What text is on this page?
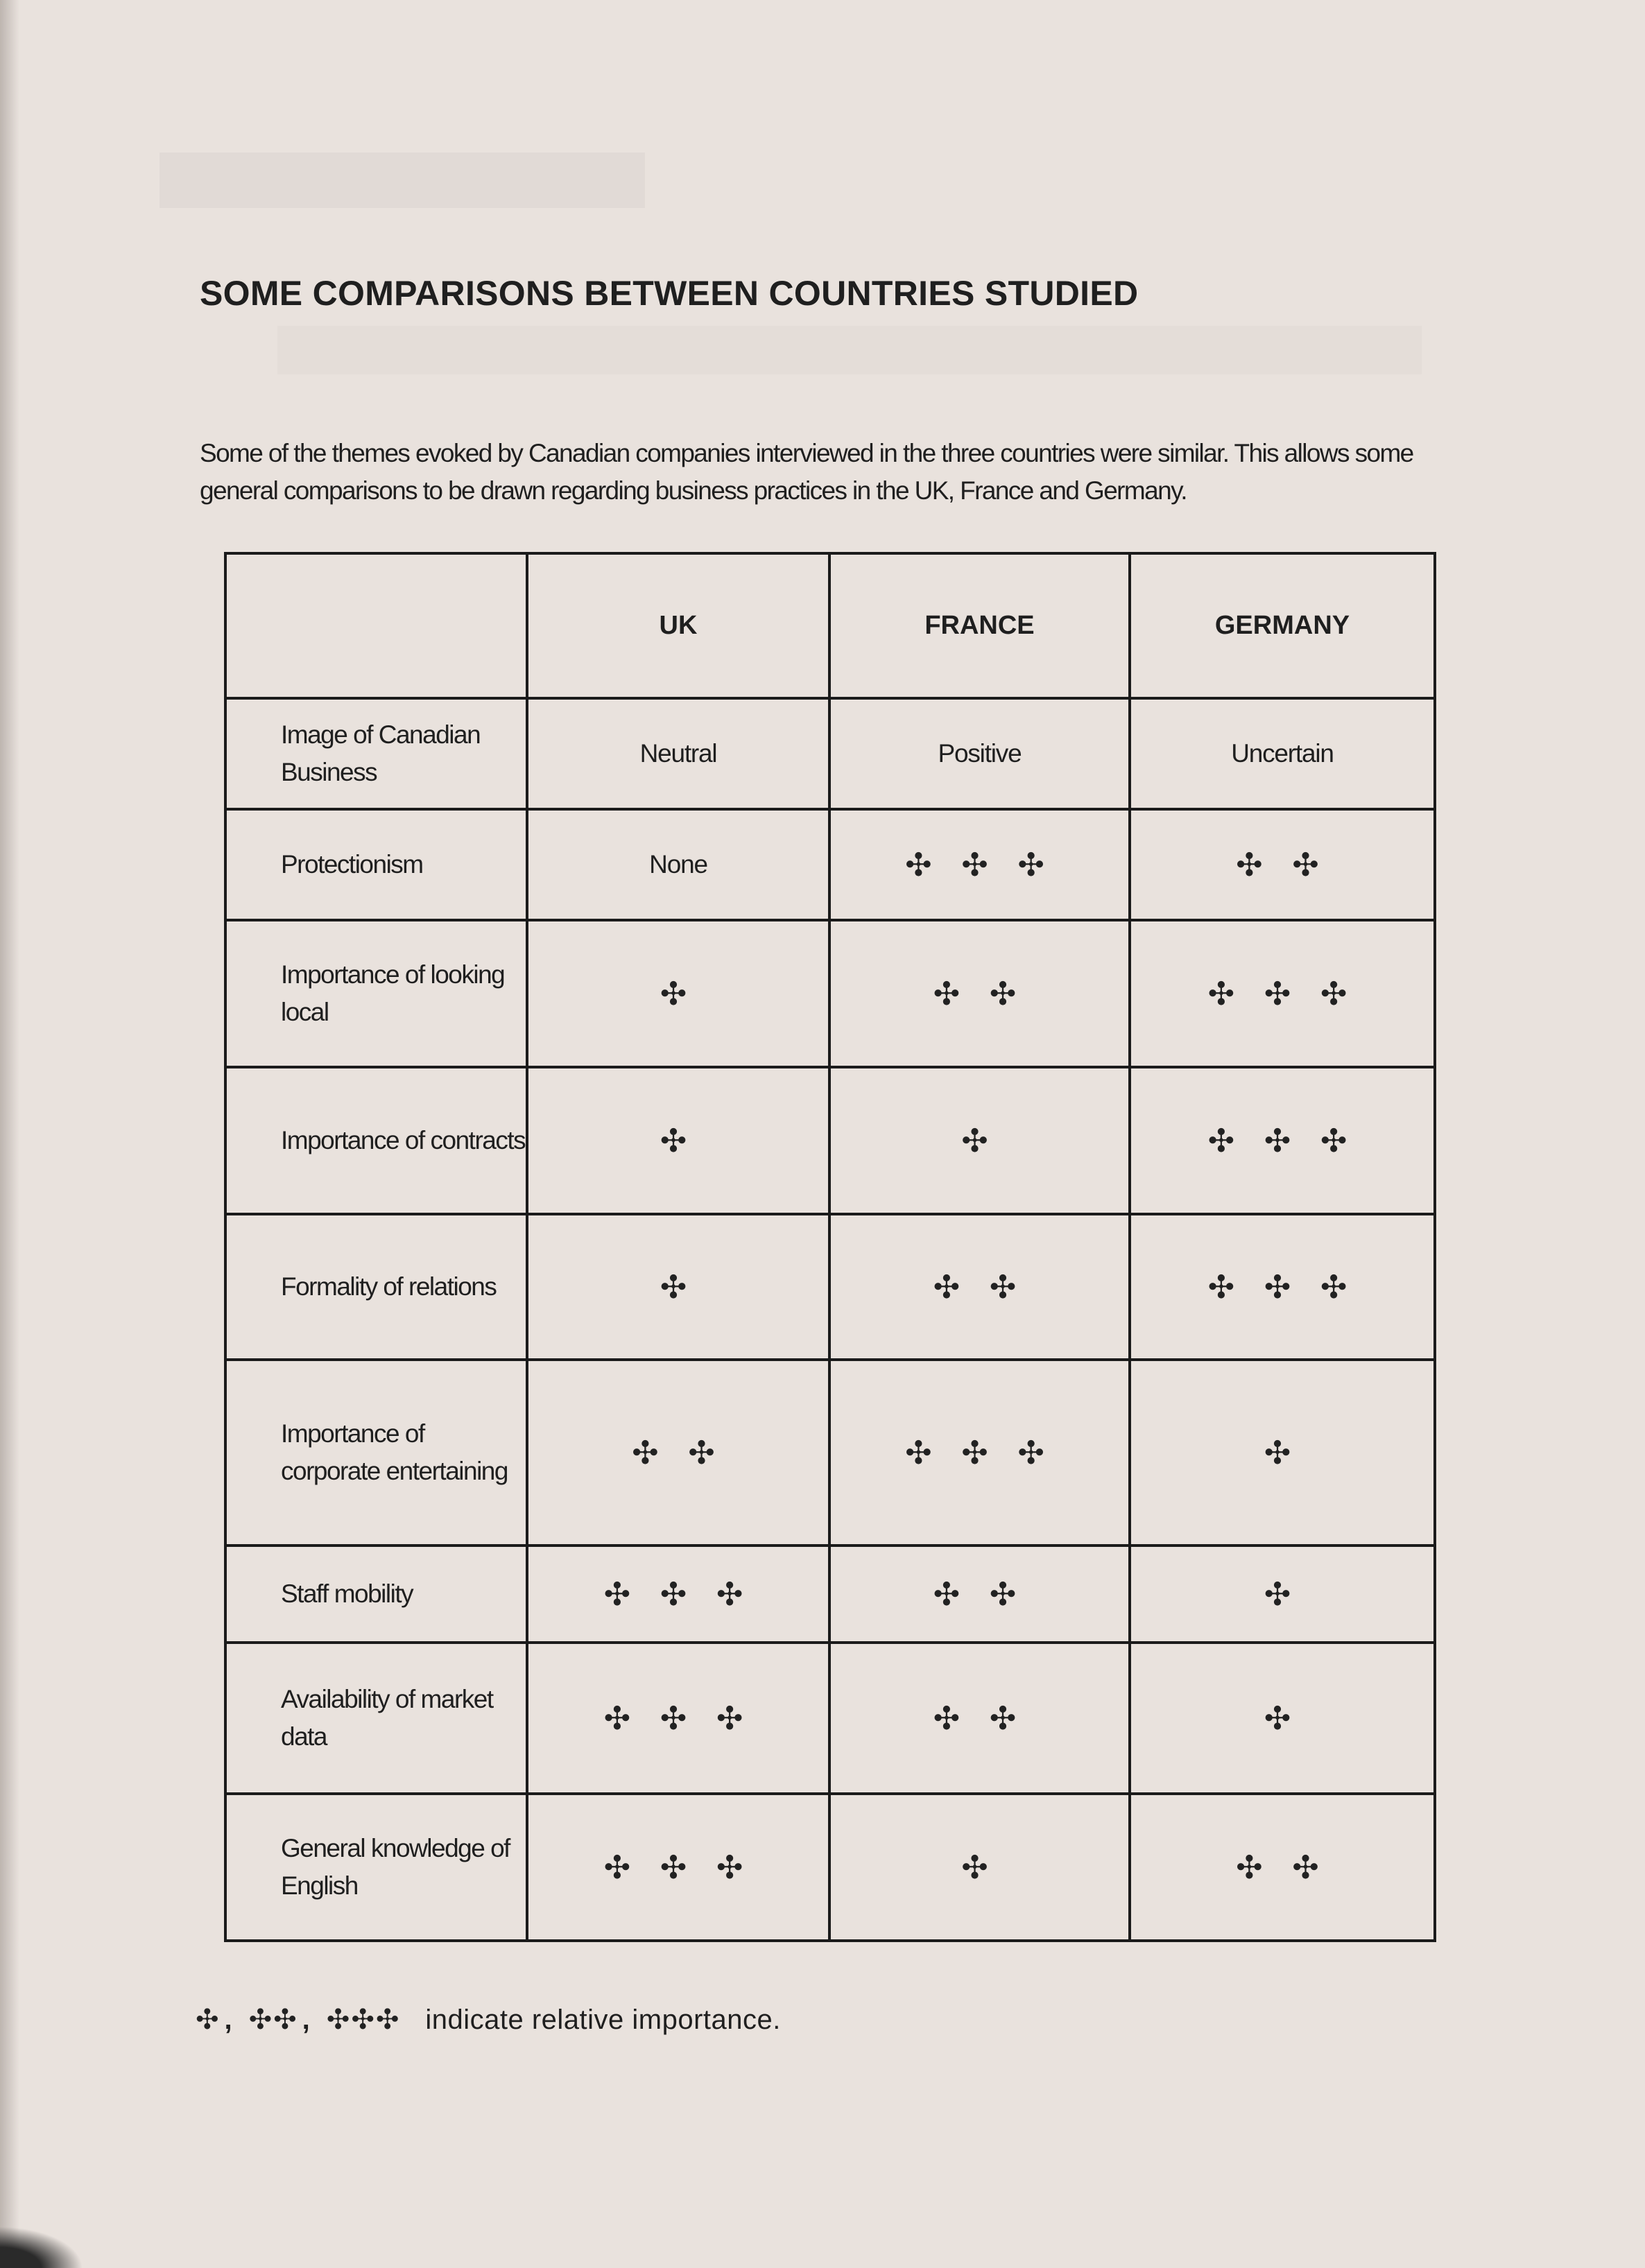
SOME COMPARISONS BETWEEN COUNTRIES STUDIED

Some of the themes evoked by Canadian companies interviewed in the three countries were similar. This allows some general comparisons to be drawn regarding business practices in the UK, France and Germany.

	UK	FRANCE	GERMANY
Image of Canadian Business	Neutral	Positive	Uncertain
Protectionism	None	✣ ✣ ✣	✣ ✣
Importance of looking local	✣	✣ ✣	✣ ✣ ✣
Importance of contracts	✣	✣	✣ ✣ ✣
Formality of relations	✣	✣ ✣	✣ ✣ ✣
Importance of corporate entertaining	✣ ✣	✣ ✣ ✣	✣
Staff mobility	✣ ✣ ✣	✣ ✣	✣
Availability of market data	✣ ✣ ✣	✣ ✣	✣
General knowledge of English	✣ ✣ ✣	✣	✣ ✣
✣ , ✣✣ , ✣✣✣ indicate relative importance.
